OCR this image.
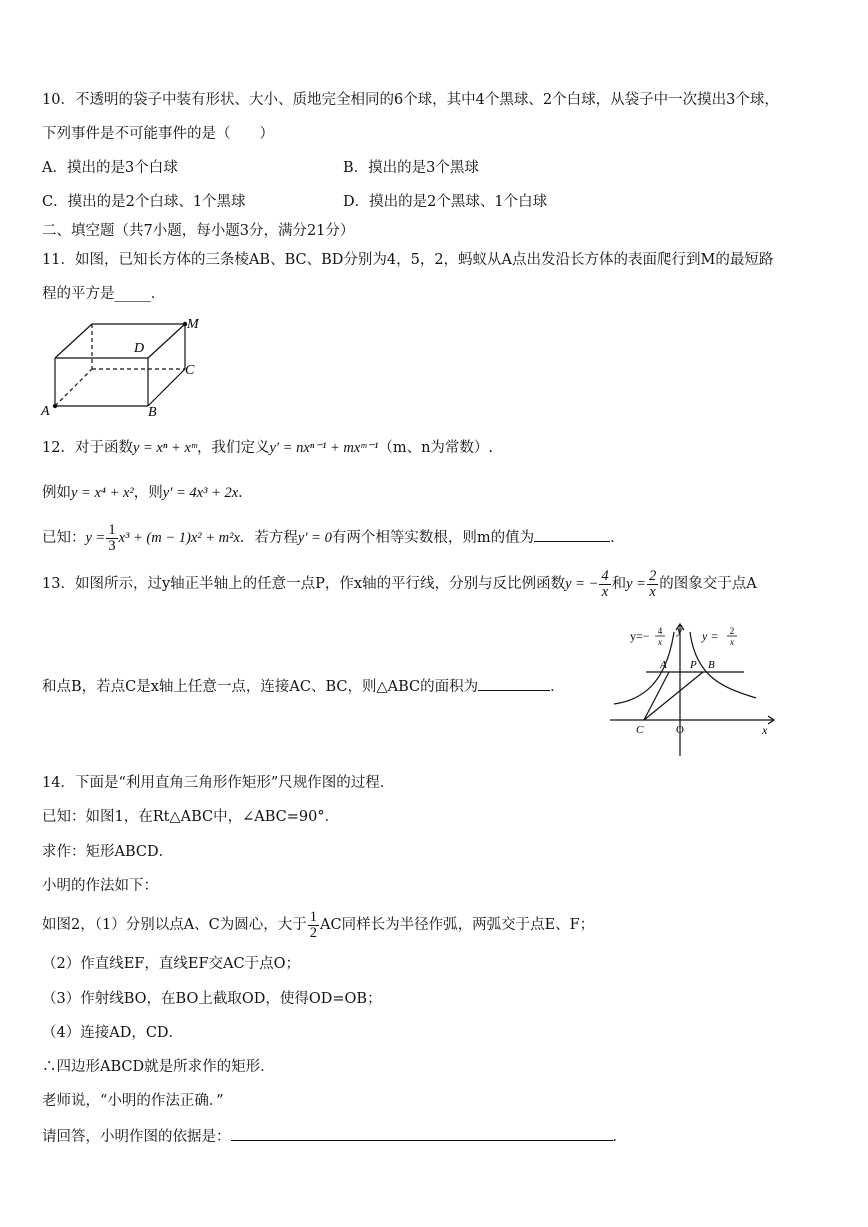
10．不透明的袋子中装有形状、大小、质地完全相同的6个球，其中4个黑球、2个白球，从袋子中一次摸出3个球，
下列事件是不可能事件的是（　　）
A．摸出的是3个白球	B．摸出的是3个黑球
C．摸出的是2个白球、1个黑球	D．摸出的是2个黑球、1个白球
二、填空题（共7小题，每小题3分，满分21分）
11．如图，已知长方体的三条棱AB、BC、BD分别为4，5，2，蚂蚁从A点出发沿长方体的表面爬行到M的最短路
程的平方是_____．
M
D
C
A	B
12．对于函数y = xⁿ + xᵐ，我们定义y′ = nxⁿ⁻¹ + mxᵐ⁻¹（m、n为常数）.
例如y = x⁴ + x²，则y′ = 4x³ + 2x．
已知：$y = \frac{1}{3} x^3 + (m - 1)x^2 + m^2x$．若方程y′ = 0有两个相等实数根，则m的值为	．
13．如图所示，过y轴正半轴上的任意一点P，作x轴的平行线，分别与反比例函数y = − $\frac{4}{x}$ 和$y = \frac{2}{x}$ 的图象交于点A
和点B，若点C是x轴上任意一点，连接AC、BC，则△ABC的面积为	．
y=− 4
x
y y = 2
x
A P B
C	O	x
14．下面是“利用直角三角形作矩形”尺规作图的过程．
已知：如图1，在Rt△ABC中，∠ABC=90°．
求作：矩形ABCD．
小明的作法如下：
如图2，（1）分别以点A、C为圆心，大于 $\frac{1}{2}$ AC同样长为半径作弧，两弧交于点E、F；
（2）作直线EF，直线EF交AC于点O；
（3）作射线BO，在BO上截取OD，使得OD=OB；
（4）连接AD，CD．
∴四边形ABCD就是所求作的矩形．
老师说，“小明的作法正确．”
请回答，小明作图的依据是：	．
